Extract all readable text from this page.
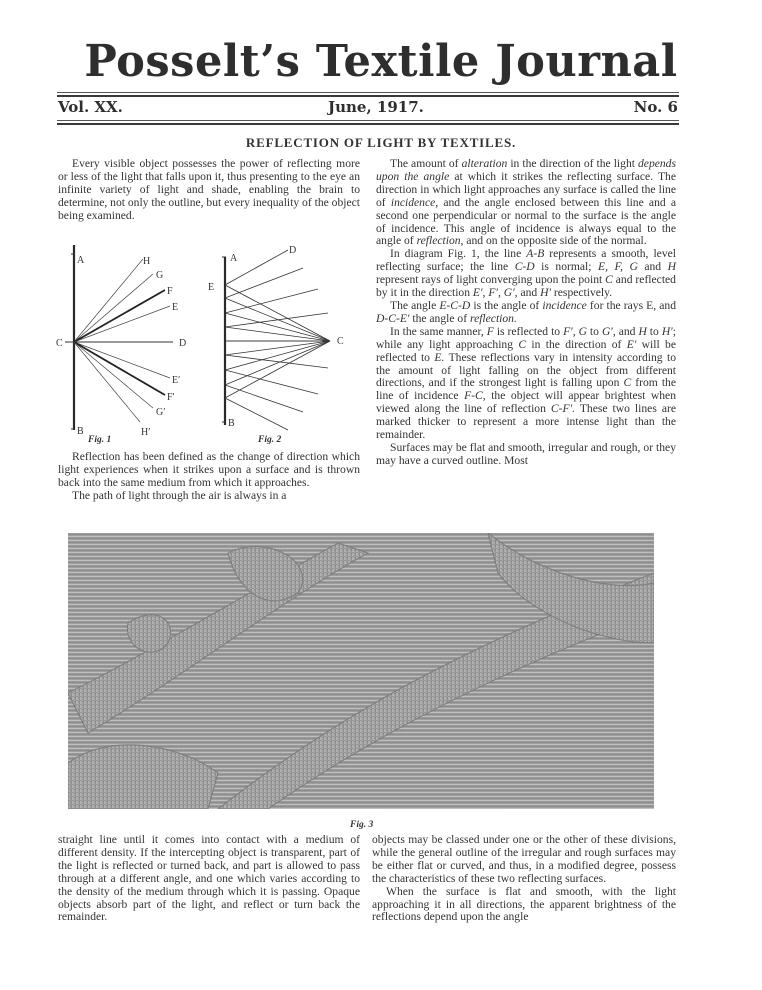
Posselt’s Textile Journal
Vol. XX.	June, 1917.	No. 6
REFLECTION OF LIGHT BY TEXTILES.

Every visible object possesses the power of reflecting more or less of the light that falls upon it, thus presenting to the eye an infinite variety of light and shade, enabling the brain to determine, not only the outline, but every inequality of the object being examined.

A	H
G
F
E
C	D
E′
F′
G′
H′
B
Fig. 1
A
D
E
C
B
Fig. 2

Reflection has been defined as the change of direction which light experiences when it strikes upon a surface and is thrown back into the same medium from which it approaches.

The path of light through the air is always in a

The amount of alteration in the direction of the light depends upon the angle at which it strikes the reflecting surface. The direction in which light approaches any surface is called the line of incidence, and the angle enclosed between this line and a second one perpendicular or normal to the surface is the angle of incidence. This angle of incidence is always equal to the angle of reflection, and on the opposite side of the normal.

In diagram Fig. 1, the line A-B represents a smooth, level reflecting surface; the line C-D is normal; E, F, G and H represent rays of light converging upon the point C and reflected by it in the direction E′, F′, G′, and H′ respectively.

The angle E-C-D is the angle of incidence for the rays E, and D-C-E′ the angle of reflection.

In the same manner, F is reflected to F′, G to G′, and H to H′; while any light approaching C in the direction of E′ will be reflected to E. These reflections vary in intensity according to the amount of light falling on the object from different directions, and if the strongest light is falling upon C from the line of incidence F-C, the object will appear brightest when viewed along the line of reflection C-F′. These two lines are marked thicker to represent a more intense light than the remainder.

Surfaces may be flat and smooth, irregular and rough, or they may have a curved outline. Most

Fig. 3

straight line until it comes into contact with a medium of different density. If the intercepting object is transparent, part of the light is reflected or turned back, and part is allowed to pass through at a different angle, and one which varies according to the density of the medium through which it is passing. Opaque objects absorb part of the light, and reflect or turn back the remainder.

objects may be classed under one or the other of these divisions, while the general outline of the irregular and rough surfaces may be either flat or curved, and thus, in a modified degree, possess the characteristics of these two reflecting surfaces.

When the surface is flat and smooth, with the light approaching it in all directions, the apparent brightness of the reflections depend upon the angle
